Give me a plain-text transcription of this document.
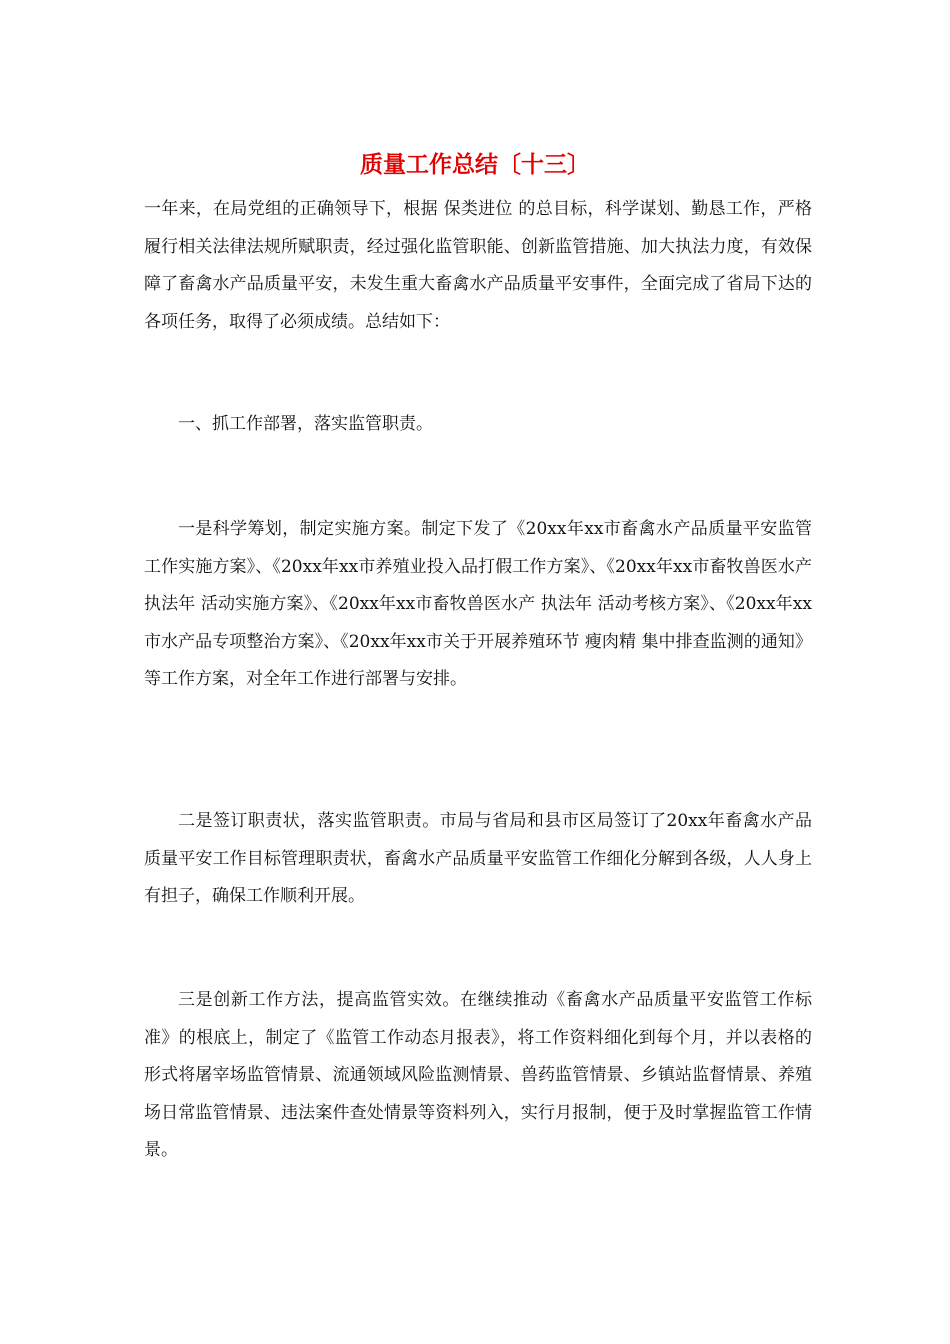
质量工作总结〔十三〕

一年来，在局党组的正确领导下，根据 保类进位 的总目标，科学谋划、勤恳工作，严格履行相关法律法规所赋职责，经过强化监管职能、创新监管措施、加大执法力度，有效保障了畜禽水产品质量平安，未发生重大畜禽水产品质量平安事件，全面完成了省局下达的各项任务，取得了必须成绩。总结如下：

一、抓工作部署，落实监管职责。

一是科学筹划，制定实施方案。制定下发了《20xx年xx市畜禽水产品质量平安监管工作实施方案》、《20xx年xx市养殖业投入品打假工作方案》、《20xx年xx市畜牧兽医水产 执法年 活动实施方案》、《20xx年xx市畜牧兽医水产 执法年 活动考核方案》、《20xx年xx市水产品专项整治方案》、《20xx年xx市关于开展养殖环节 瘦肉精 集中排查监测的通知》等工作方案，对全年工作进行部署与安排。

二是签订职责状，落实监管职责。市局与省局和县市区局签订了20xx年畜禽水产品质量平安工作目标管理职责状，畜禽水产品质量平安监管工作细化分解到各级，人人身上有担子，确保工作顺利开展。

三是创新工作方法，提高监管实效。在继续推动《畜禽水产品质量平安监管工作标准》的根底上，制定了《监管工作动态月报表》，将工作资料细化到每个月，并以表格的形式将屠宰场监管情景、流通领域风险监测情景、兽药监管情景、乡镇站监督情景、养殖场日常监管情景、违法案件查处情景等资料列入，实行月报制，便于及时掌握监管工作情景。
